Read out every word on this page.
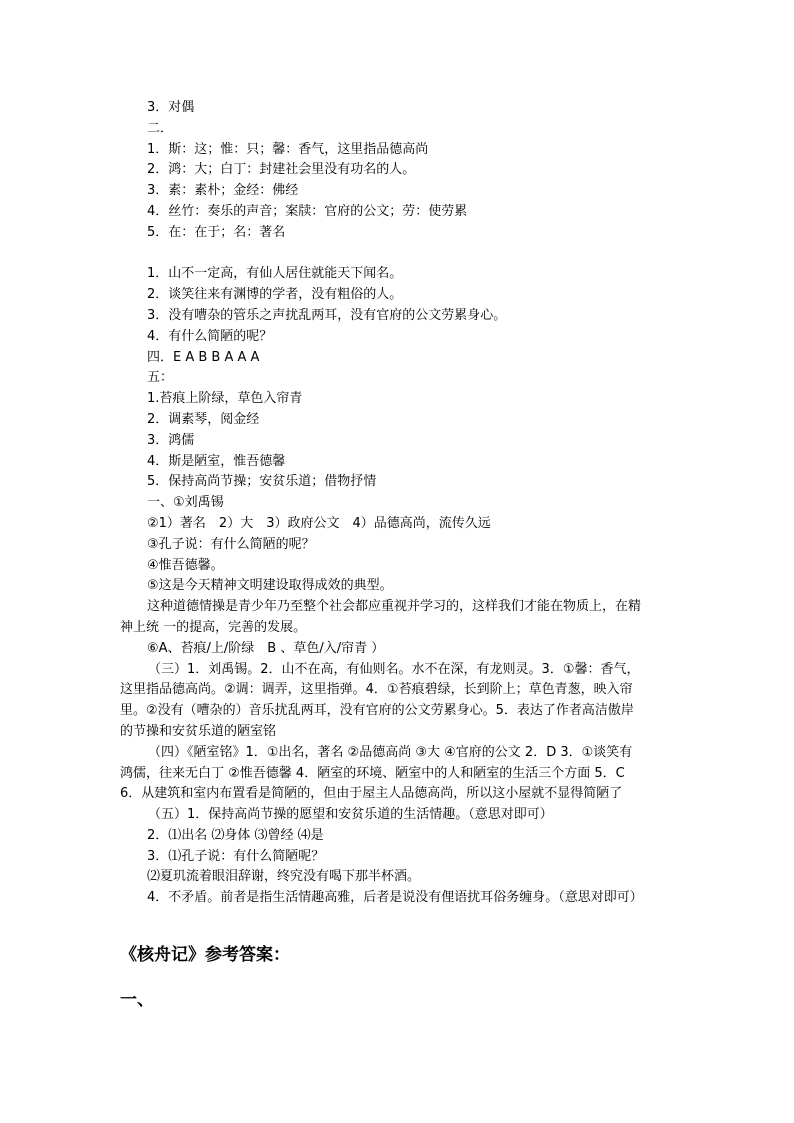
3．对偶
二．
1．斯：这；惟：只；馨：香气，这里指品德高尚
2．鸿：大；白丁：封建社会里没有功名的人。
3．素：素朴；金经：佛经
4．丝竹：奏乐的声音；案牍：官府的公文；劳：使劳累
5．在：在于；名：著名
1．山不一定高，有仙人居住就能天下闻名。
2．谈笑往来有渊博的学者，没有粗俗的人。
3．没有嘈杂的管乐之声扰乱两耳，没有官府的公文劳累身心。
4．有什么简陋的呢？
四．E A B B A A A
五：
1.苔痕上阶绿，草色入帘青
2．调素琴，阅金经
3．鸿儒
4．斯是陋室，惟吾德馨
5．保持高尚节操；安贫乐道；借物抒情
一、①刘禹锡
②1）著名　2）大　3）政府公文　4）品德高尚，流传久远
③孔子说：有什么简陋的呢？
④惟吾德馨。
⑤这是今天精神文明建设取得成效的典型。
这种道德情操是青少年乃至整个社会都应重视并学习的，这样我们才能在物质上，在精
神上统 一的提高，完善的发展。
⑥A、苔痕/上/阶绿　B 、草色/入/帘青 ）
（三）1．刘禹锡。2．山不在高，有仙则名。水不在深，有龙则灵。3．①馨：香气，
这里指品德高尚。②调：调弄，这里指弹。4．①苔痕碧绿，长到阶上；草色青葱，映入帘
里。②没有（嘈杂的）音乐扰乱两耳，没有官府的公文劳累身心。5．表达了作者高洁傲岸
的节操和安贫乐道的陋室铭
（四）《陋室铭》1．①出名，著名 ②品德高尚 ③大 ④官府的公文 2．D 3．①谈笑有
鸿儒，往来无白丁 ②惟吾德馨 4．陋室的环境、陋室中的人和陋室的生活三个方面 5．C
6．从建筑和室内布置看是简陋的，但由于屋主人品德高尚，所以这小屋就不显得简陋了
（五）1．保持高尚节操的愿望和安贫乐道的生活情趣。（意思对即可）
2．⑴出名 ⑵身体 ⑶曾经 ⑷是
3．⑴孔子说：有什么简陋呢？
⑵夏玑流着眼泪辞谢，终究没有喝下那半杯酒。
4．不矛盾。前者是指生活情趣高雅，后者是说没有俚语扰耳俗务缠身。（意思对即可）
《核舟记》参考答案：
一、
